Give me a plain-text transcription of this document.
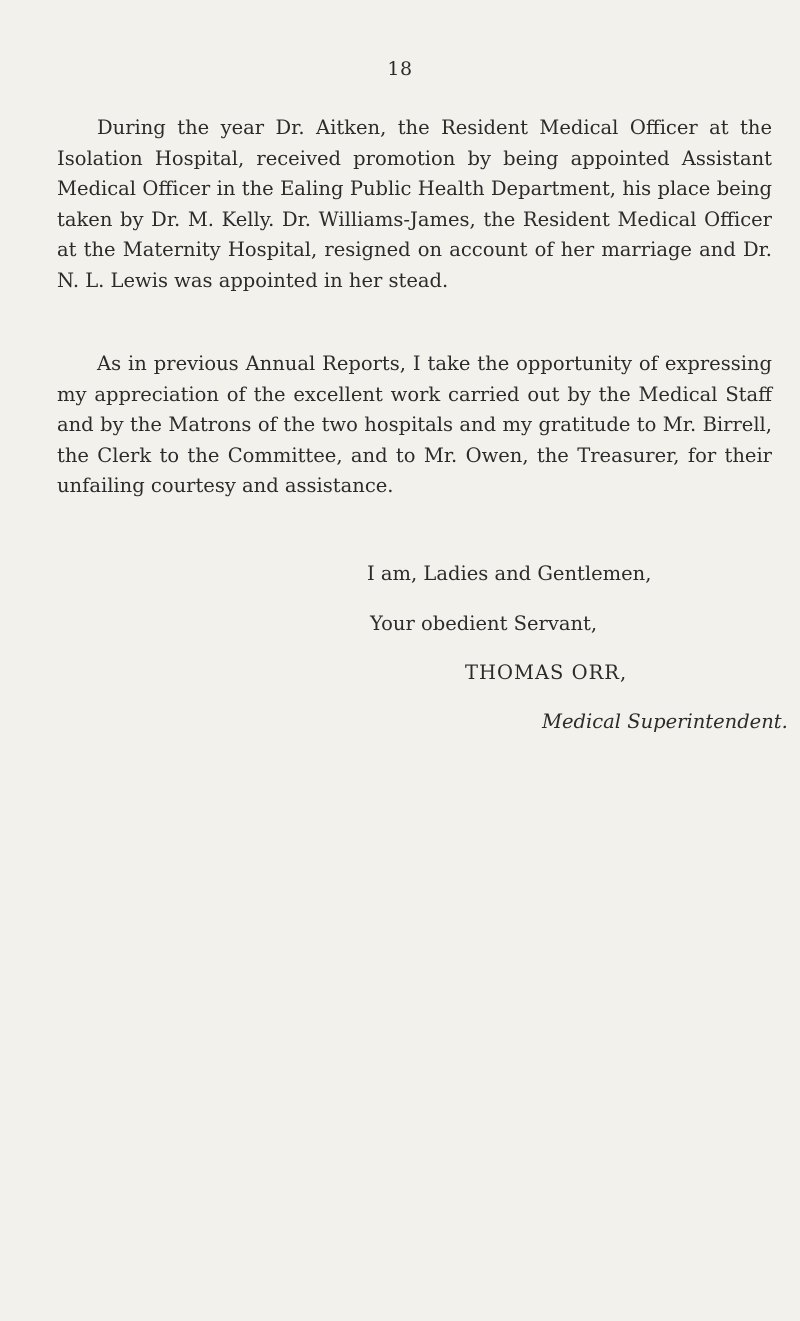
18

During the year Dr. Aitken, the Resident Medical Officer at the Isolation Hospital, received promotion by being appointed Assistant Medical Officer in the Ealing Public Health Department, his place being taken by Dr. M. Kelly. Dr. Williams-James, the Resident Medical Officer at the Maternity Hospital, resigned on account of her marriage and Dr. N. L. Lewis was appointed in her stead.

As in previous Annual Reports, I take the opportunity of expressing my appreciation of the excellent work carried out by the Medical Staff and by the Matrons of the two hospitals and my gratitude to Mr. Birrell, the Clerk to the Committee, and to Mr. Owen, the Treasurer, for their unfailing courtesy and assistance.

I am, Ladies and Gentlemen,
Your obedient Servant,
THOMAS ORR,
Medical Superintendent.
